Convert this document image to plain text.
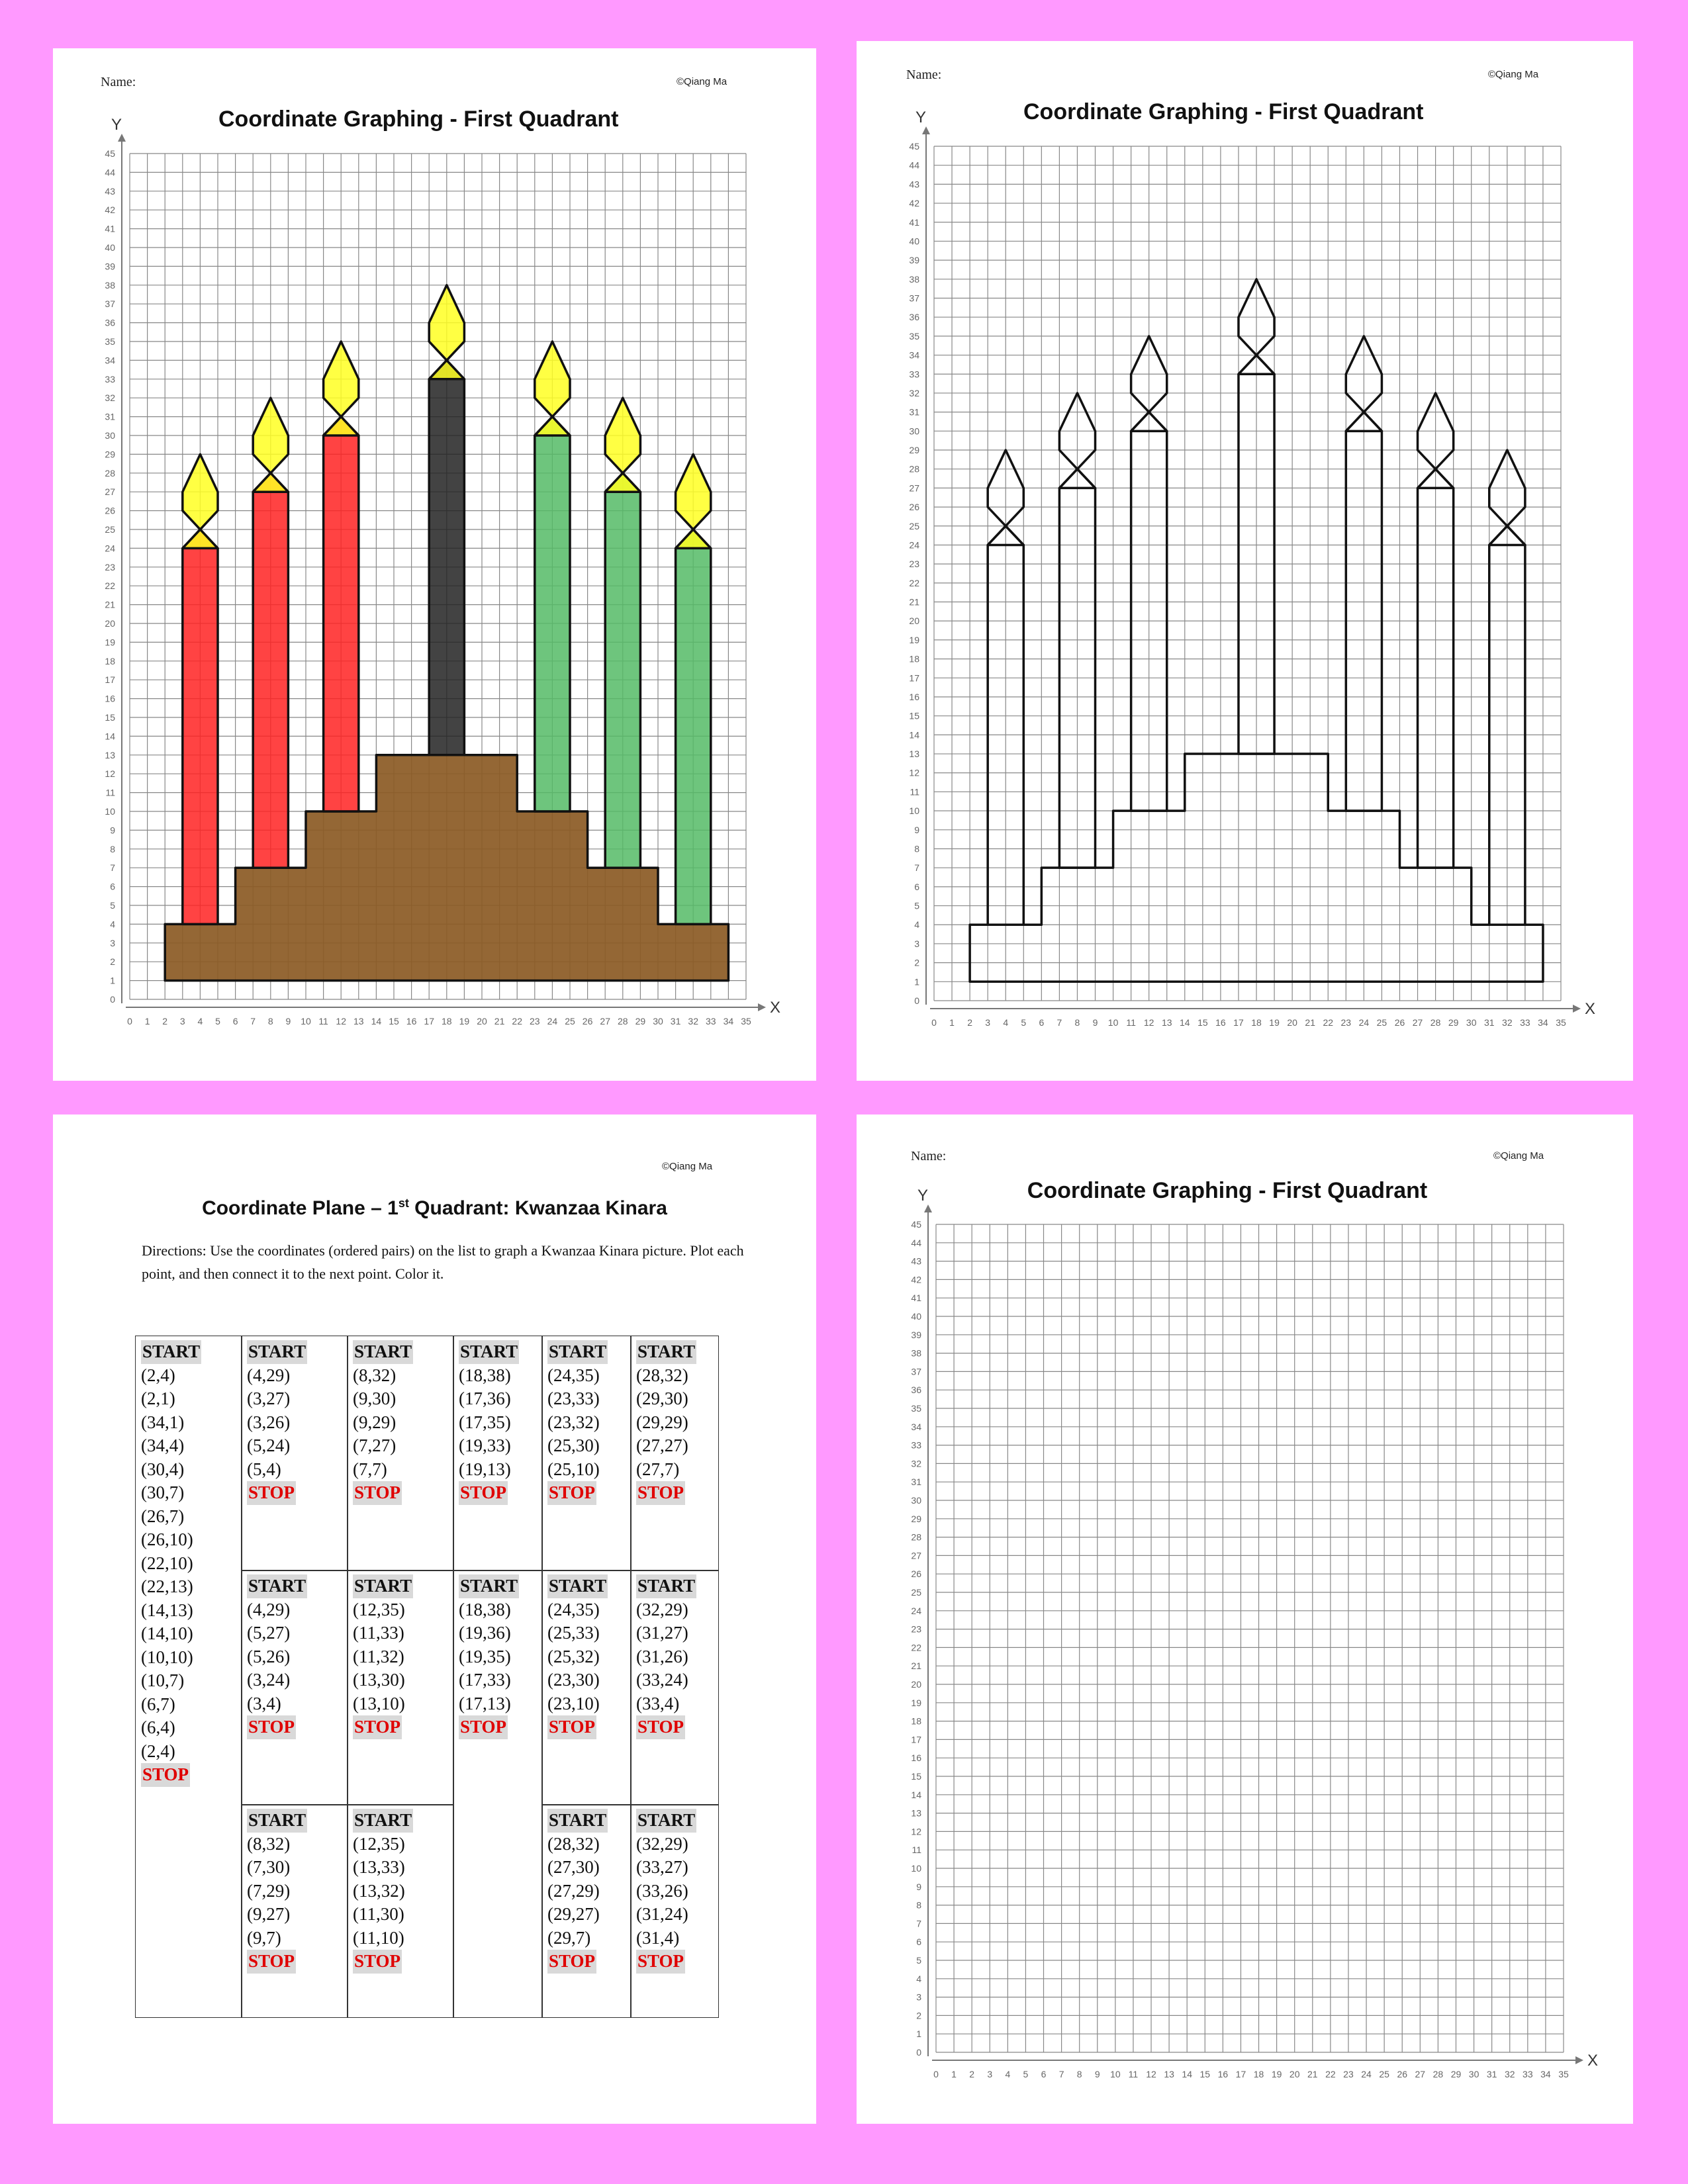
Name:	©Qiang Ma
Coordinate Graphing - First Quadrant
0 1 2 3 4 5 6 7 8 9 10 11 12 13 14 15 16 17 18 19 20 21 22 23 24 25 26 27 28 29 30 31 32 33 34 35
0
1
2
3
4
5
6
7
8
9
10
11
12
13
14
15
16
17
18
19
20
21
22
23
24
25
26
27
28
29
30
31
32
33
34
35
36
37
38
39
40
41
42
43
44
45
X
Y
Name:	©Qiang Ma
Coordinate Graphing - First Quadrant
0 1 2 3 4 5 6 7 8 9 10 11 12 13 14 15 16 17 18 19 20 21 22 23 24 25 26 27 28 29 30 31 32 33 34 35
0
1
2
3
4
5
6
7
8
9
10
11
12
13
14
15
16
17
18
19
20
21
22
23
24
25
26
27
28
29
30
31
32
33
34
35
36
37
38
39
40
41
42
43
44
45
X
Y
©Qiang Ma
Coordinate Plane – 1st Quadrant: Kwanzaa Kinara
Directions: Use the coordinates (ordered pairs) on the list to graph a Kwanzaa Kinara picture. Plot each point, and then connect it to the next point. Color it.
START
(2,4)
(2,1)
(34,1)
(34,4)
(30,4)
(30,7)
(26,7)
(26,10)
(22,10)
(22,13)
(14,13)
(14,10)
(10,10)
(10,7)
(6,7)
(6,4)
(2,4)
STOP
START
(4,29)
(3,27)
(3,26)
(5,24)
(5,4)
STOP
START
(4,29)
(5,27)
(5,26)
(3,24)
(3,4)
STOP
START
(8,32)
(7,30)
(7,29)
(9,27)
(9,7)
STOP
START
(8,32)
(9,30)
(9,29)
(7,27)
(7,7)
STOP
START
(12,35)
(11,33)
(11,32)
(13,30)
(13,10)
STOP
START
(12,35)
(13,33)
(13,32)
(11,30)
(11,10)
STOP
START
(18,38)
(17,36)
(17,35)
(19,33)
(19,13)
STOP
START
(18,38)
(19,36)
(19,35)
(17,33)
(17,13)
STOP
START
(24,35)
(23,33)
(23,32)
(25,30)
(25,10)
STOP
START
(24,35)
(25,33)
(25,32)
(23,30)
(23,10)
STOP
START
(28,32)
(27,30)
(27,29)
(29,27)
(29,7)
STOP
START
(28,32)
(29,30)
(29,29)
(27,27)
(27,7)
STOP
START
(32,29)
(31,27)
(31,26)
(33,24)
(33,4)
STOP
START
(32,29)
(33,27)
(33,26)
(31,24)
(31,4)
STOP
Name:	©Qiang Ma
Coordinate Graphing - First Quadrant
0 1 2 3 4 5 6 7 8 9 10 11 12 13 14 15 16 17 18 19 20 21 22 23 24 25 26 27 28 29 30 31 32 33 34 35
0
1
2
3
4
5
6
7
8
9
10
11
12
13
14
15
16
17
18
19
20
21
22
23
24
25
26
27
28
29
30
31
32
33
34
35
36
37
38
39
40
41
42
43
44
45
X
Y
